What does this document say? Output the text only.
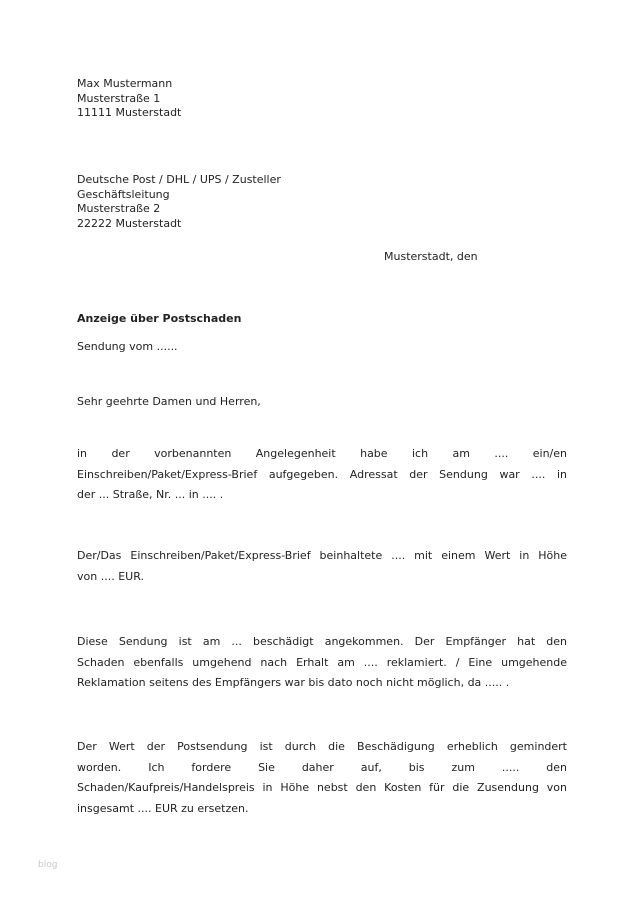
Max Mustermann
Musterstraße 1
11111 Musterstadt
Deutsche Post / DHL / UPS / Zusteller
Geschäftsleitung
Musterstraße 2
22222 Musterstadt
Musterstadt, den
Anzeige über Postschaden
Sendung vom ......
Sehr geehrte Damen und Herren,
in der vorbenannten Angelegenheit habe ich am .... ein/en
Einschreiben/Paket/Express-Brief aufgegeben. Adressat der Sendung war .... in
der ... Straße, Nr. ... in .... .
Der/Das Einschreiben/Paket/Express-Brief beinhaltete .... mit einem Wert in Höhe
von .... EUR.
Diese Sendung ist am ... beschädigt angekommen. Der Empfänger hat den
Schaden ebenfalls umgehend nach Erhalt am .... reklamiert. / Eine umgehende
Reklamation seitens des Empfängers war bis dato noch nicht möglich, da ..... .
Der Wert der Postsendung ist durch die Beschädigung erheblich gemindert
worden. Ich fordere Sie daher auf, bis zum ..... den
Schaden/Kaufpreis/Handelspreis in Höhe nebst den Kosten für die Zusendung von
insgesamt .... EUR zu ersetzen.
blog
